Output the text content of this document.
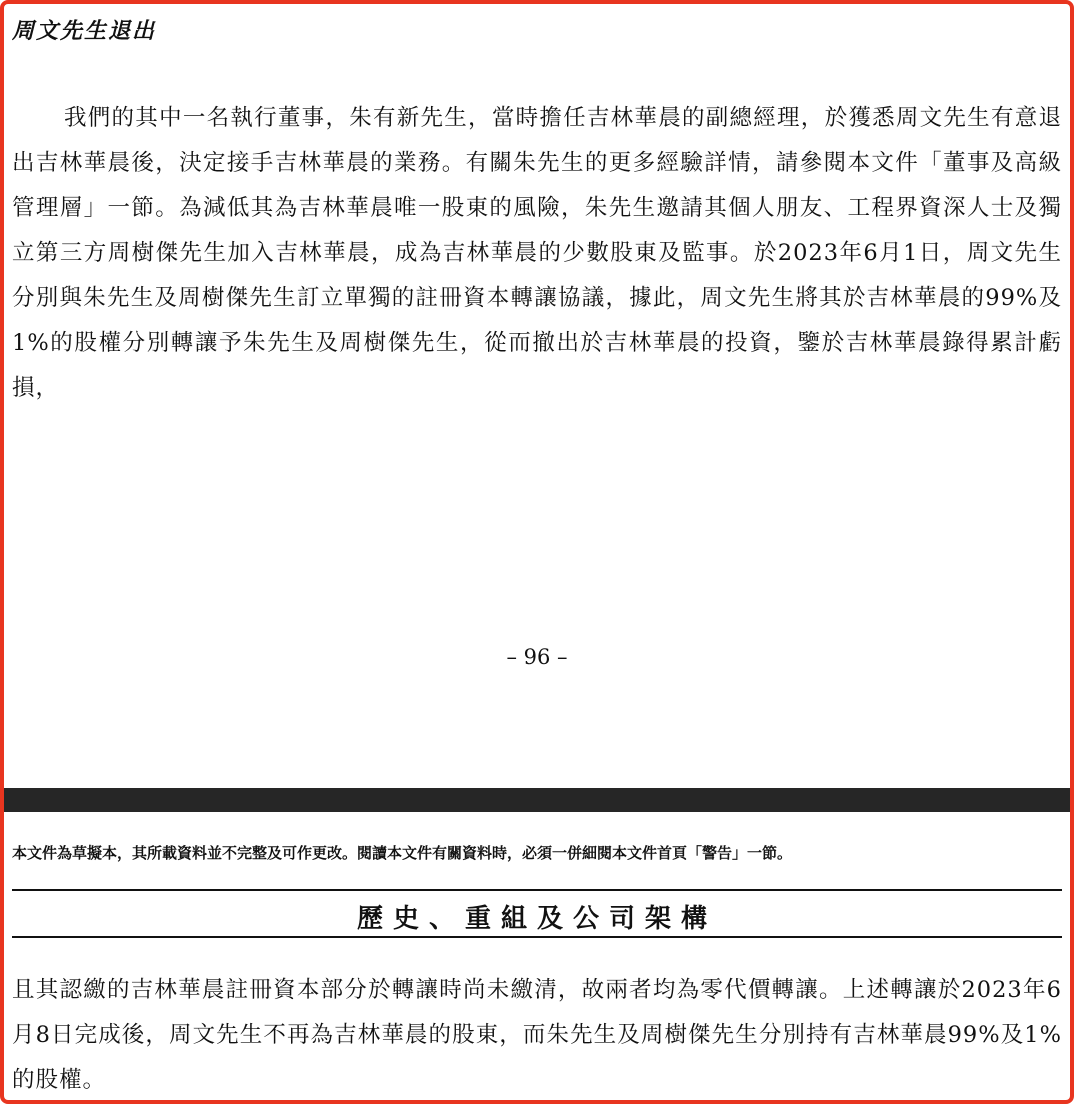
周文先生退出

我們的其中一名執行董事，朱有新先生，當時擔任吉林華晨的副總經理，於獲悉周文先生有意退出吉林華晨後，決定接手吉林華晨的業務。有關朱先生的更多經驗詳情，請參閱本文件「董事及高級管理層」一節。為減低其為吉林華晨唯一股東的風險，朱先生邀請其個人朋友、工程界資深人士及獨立第三方周樹傑先生加入吉林華晨，成為吉林華晨的少數股東及監事。於2023年6月1日，周文先生分別與朱先生及周樹傑先生訂立單獨的註冊資本轉讓協議，據此，周文先生將其於吉林華晨的99%及1%的股權分別轉讓予朱先生及周樹傑先生，從而撤出於吉林華晨的投資，鑒於吉林華晨錄得累計虧損，

– 96 –
本文件為草擬本，其所載資料並不完整及可作更改。閱讀本文件有關資料時，必須一併細閱本文件首頁「警告」一節。
歷史、重組及公司架構

且其認繳的吉林華晨註冊資本部分於轉讓時尚未繳清，故兩者均為零代價轉讓。上述轉讓於2023年6月8日完成後，周文先生不再為吉林華晨的股東，而朱先生及周樹傑先生分別持有吉林華晨99%及1%的股權。
